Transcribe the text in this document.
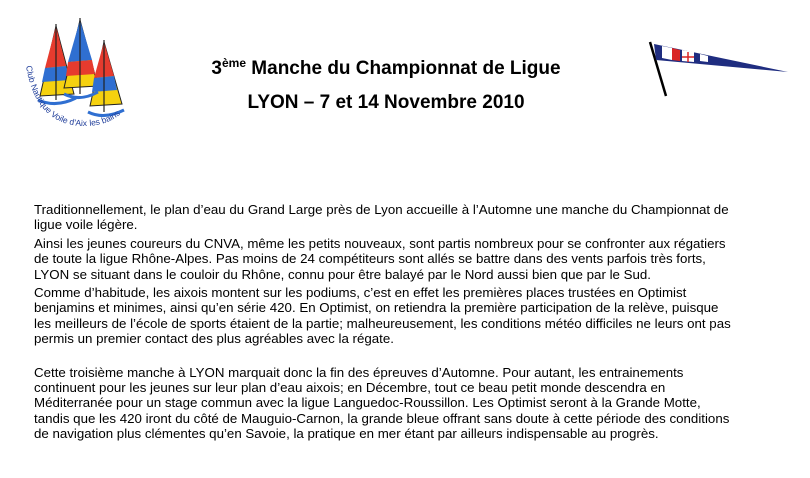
Club Nautique Voile d'Aix les bains
3ème Manche du Championnat de Ligue
LYON – 7 et 14 Novembre 2010

Traditionnellement, le plan d’eau du Grand Large près de Lyon accueille à l’Automne une manche du Championnat de ligue voile légère.

Ainsi les jeunes coureurs du CNVA, même les petits nouveaux, sont partis nombreux pour se confronter aux régatiers de toute la ligue Rhône-Alpes. Pas moins de 24 compétiteurs sont allés se battre dans des vents parfois très forts, LYON se situant dans le couloir du Rhône, connu pour être balayé par le Nord aussi bien que par le Sud.

Comme d’habitude, les aixois montent sur les podiums, c’est en effet les premières places trustées en Optimist benjamins et minimes, ainsi qu’en série 420. En Optimist, on retiendra la première participation de la relève, puisque les meilleurs de l’école de sports étaient de la partie; malheureusement, les conditions météo difficiles ne leurs ont pas permis un premier contact des plus agréables avec la régate.

Cette troisième manche à LYON marquait donc la fin des épreuves d’Automne. Pour autant, les entrainements continuent pour les jeunes sur leur plan d’eau aixois; en Décembre, tout ce beau petit monde descendra en Méditerranée pour un stage commun avec la ligue Languedoc-Roussillon. Les Optimist seront à la Grande Motte, tandis que les 420 iront du côté de Mauguio-Carnon, la grande bleue offrant sans doute à cette période des conditions de navigation plus clémentes qu’en Savoie, la pratique en mer étant par ailleurs indispensable au progrès.
